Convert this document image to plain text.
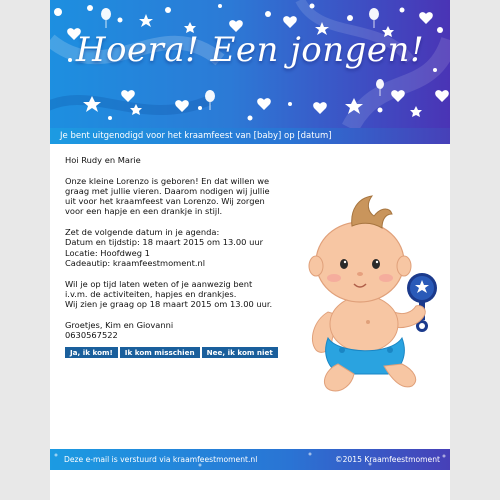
Hoera! Een jongen!
Je bent uitgenodigd voor het kraamfeest van [baby] op [datum]

Hoi Rudy en Marie

Onze kleine Lorenzo is geboren! En dat willen we
graag met jullie vieren. Daarom nodigen wij jullie
uit voor het kraamfeest van Lorenzo. Wij zorgen
voor een hapje en een drankje in stijl.

Zet de volgende datum in je agenda:
Datum en tijdstip: 18 maart 2015 om 13.00 uur
Locatie: Hoofdweg 1
Cadeautip: kraamfeestmoment.nl

Wil je op tijd laten weten of je aanwezig bent
i.v.m. de activiteiten, hapjes en drankjes.
Wij zien je graag op 18 maart 2015 om 13.00 uur.

Groetjes, Kim en Giovanni
0630567522

Ja, ik kom! Ik kom misschien Nee, ik kom niet
Deze e-mail is verstuurd via kraamfeestmoment.nl	©2015 Kraamfeestmoment
